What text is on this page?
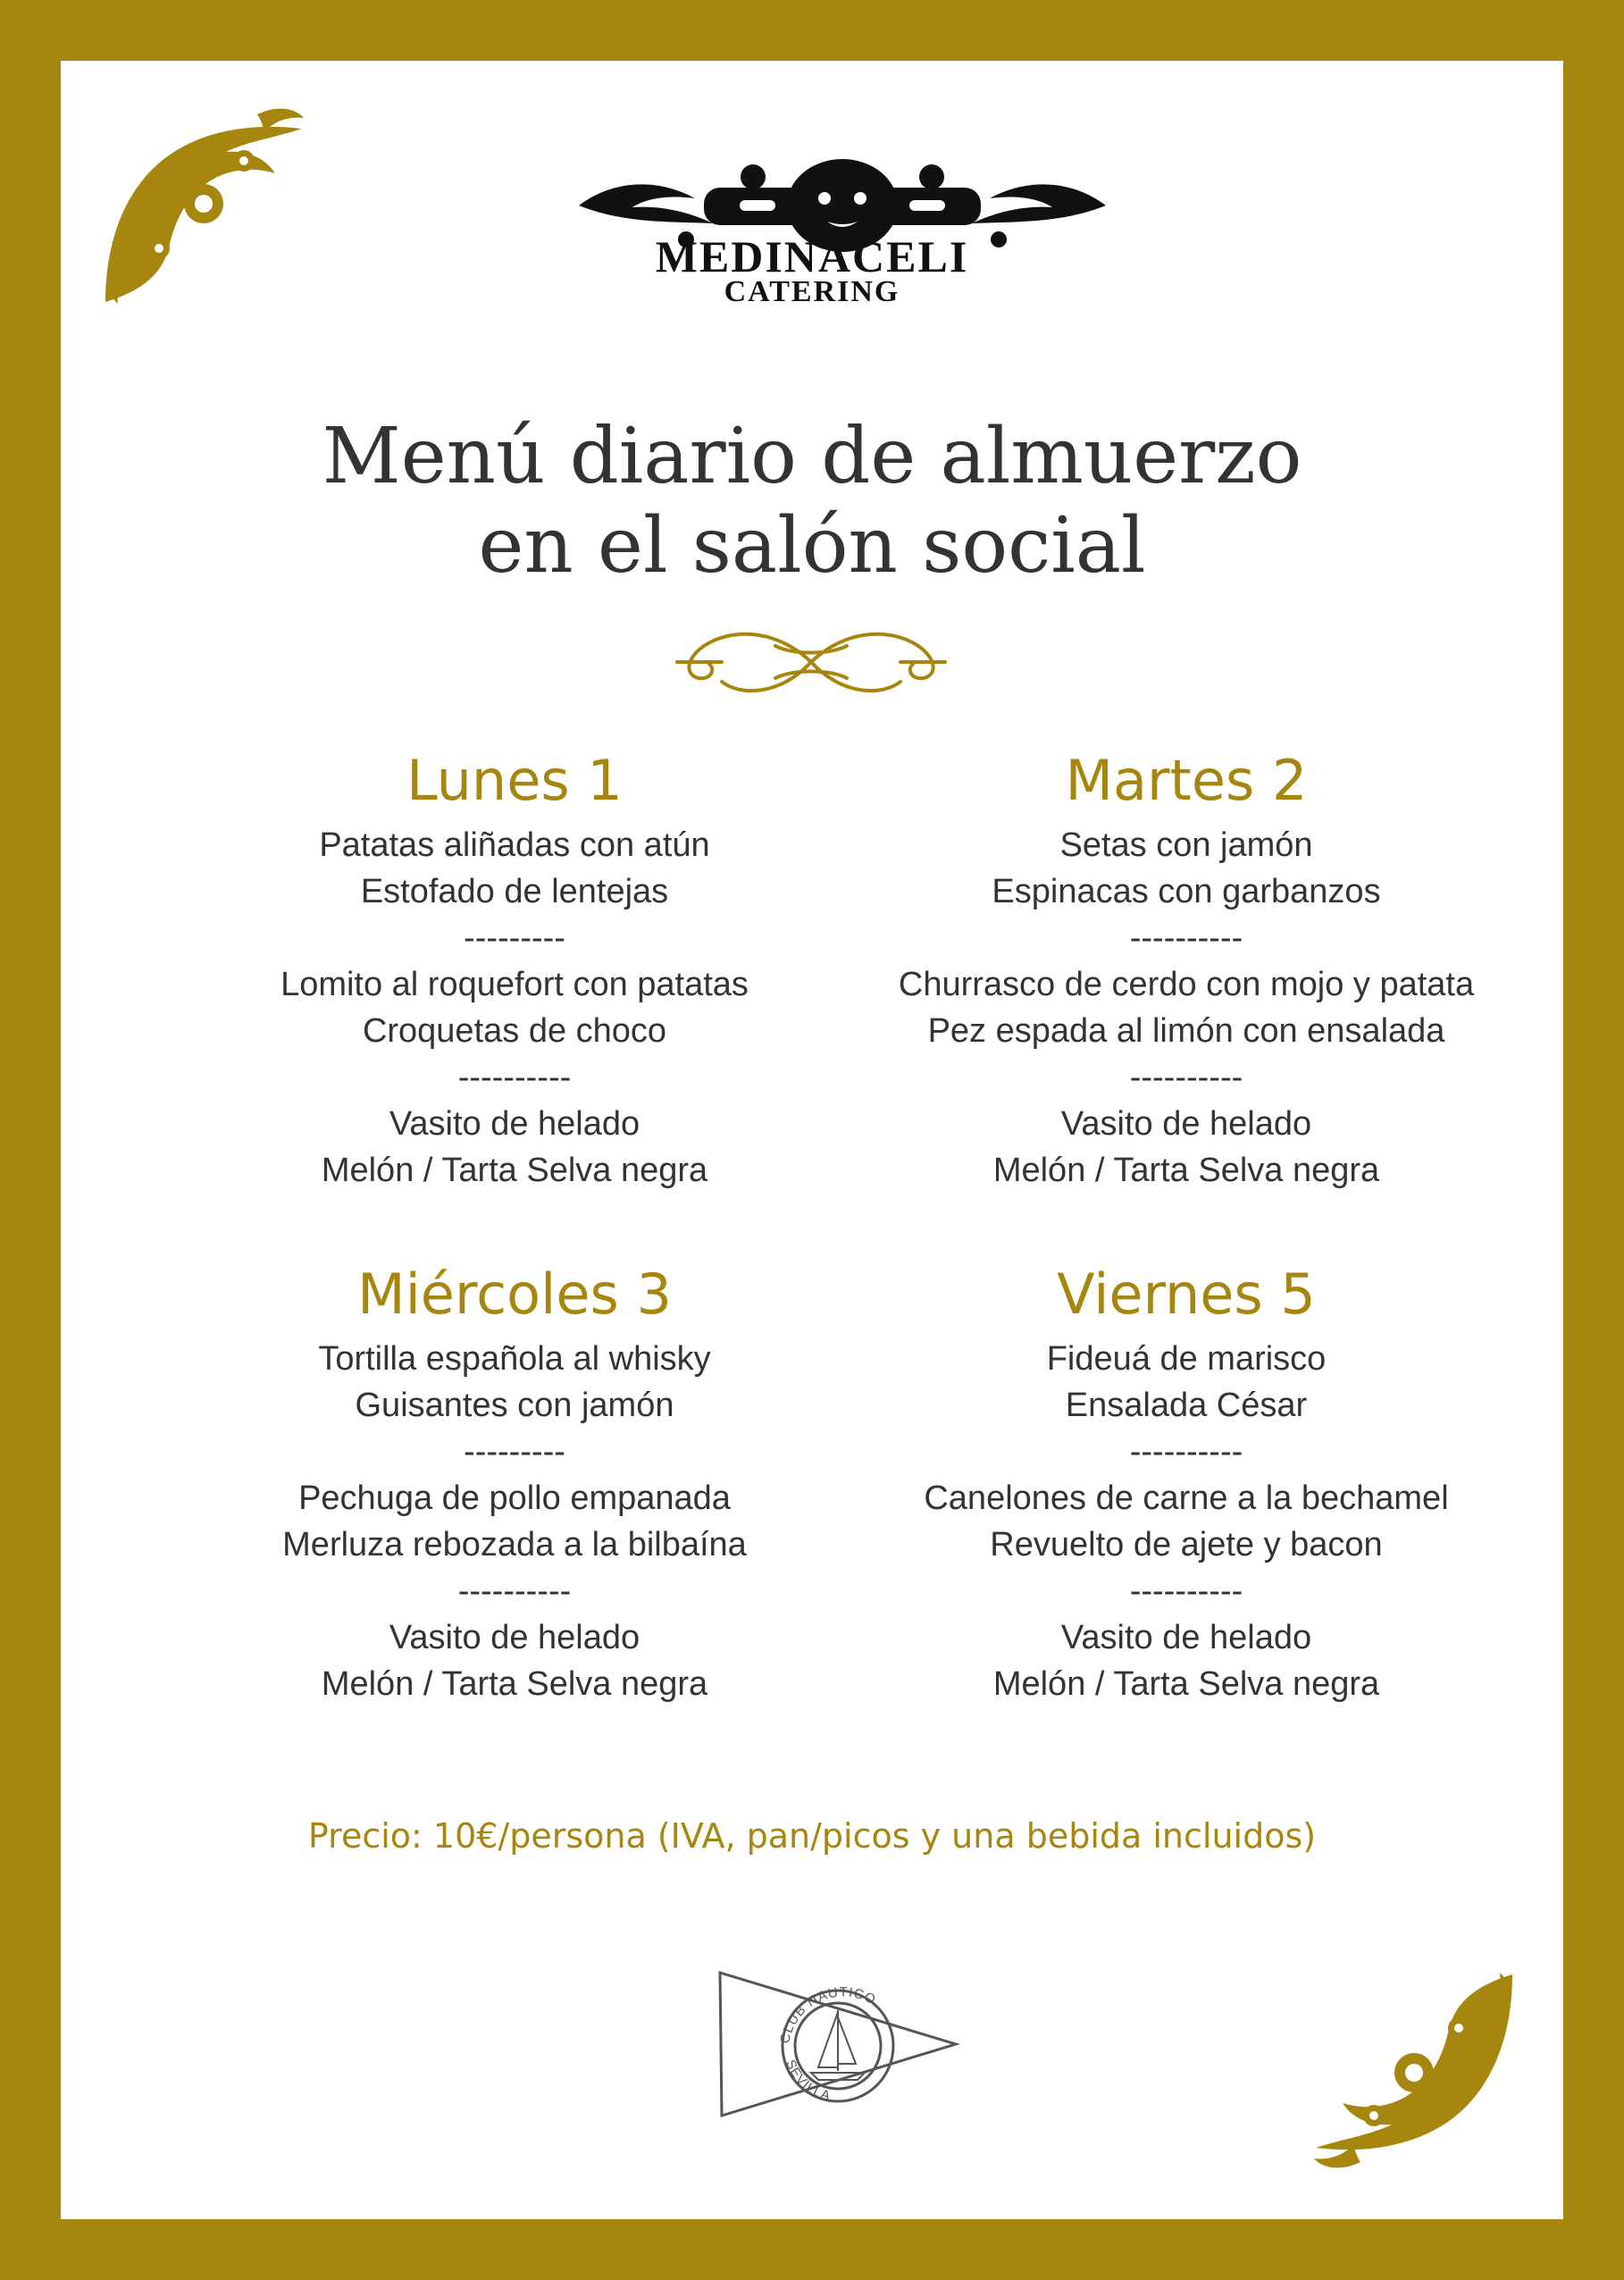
MEDINACELI
CATERING
Menú diario de almuerzo
en el salón social
Lunes 1
Patatas aliñadas con atún
Estofado de lentejas
---------
Lomito al roquefort con patatas
Croquetas de choco
----------
Vasito de helado
Melón / Tarta Selva negra
Martes 2
Setas con jamón
Espinacas con garbanzos
----------
Churrasco de cerdo con mojo y patata
Pez espada al limón con ensalada
----------
Vasito de helado
Melón / Tarta Selva negra
Miércoles 3
Tortilla española al whisky
Guisantes con jamón
---------
Pechuga de pollo empanada
Merluza rebozada a la bilbaína
----------
Vasito de helado
Melón / Tarta Selva negra
Viernes 5
Fideuá de marisco
Ensalada César
----------
Canelones de carne a la bechamel
Revuelto de ajete y bacon
----------
Vasito de helado
Melón / Tarta Selva negra
Precio: 10€/persona (IVA, pan/picos y una bebida incluidos)
CLUB NAUTICO
SEVILLA
